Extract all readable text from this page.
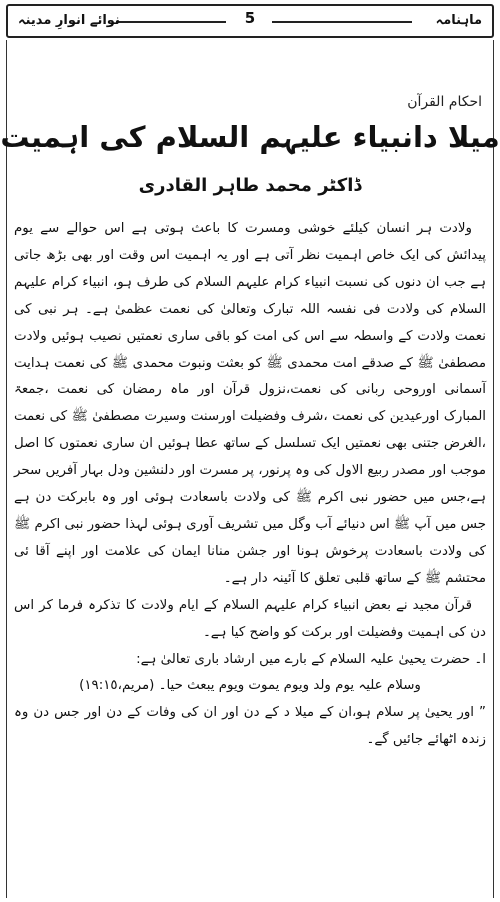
ماہنامہ
5
نوائے انوارِ مدینہ
احکام القرآن
میلا دانبیاء علیہم السلام کی اہمیت
ڈاکٹر محمد طاہر القادری

ولادت ہر انسان کیلئے خوشی ومسرت کا باعث ہوتی ہے اس حوالے سے یوم پیدائش کی ایک خاص اہمیت نظر آتی ہے اور یہ اہمیت اس وقت اور بھی بڑھ جاتی ہے جب ان دنوں کی نسبت انبیاء کرام علیہم السلام کی طرف ہو، انبیاء کرام علیہم السلام کی ولادت فی نفسہ اللہ تبارک وتعالیٰ کی نعمت عظمیٰ ہے۔ ہر نبی کی نعمت ولادت کے واسطہ سے اس کی امت کو باقی ساری نعمتیں نصیب ہوئیں ولادت مصطفیٰ ﷺ کے صدقے امت محمدی ﷺ کو بعثت ونبوت محمدی ﷺ کی نعمت ہدایت آسمانی اوروحی ربانی کی نعمت،نزول قرآن اور ماہ رمضان کی نعمت ،جمعۃ المبارک اورعیدین کی نعمت ،شرف وفضیلت اورسنت وسیرت مصطفیٰ ﷺ کی نعمت ،الغرض جتنی بھی نعمتیں ایک تسلسل کے ساتھ عطا ہوئیں ان ساری نعمتوں کا اصل موجب اور مصدر ربیع الاول کی وہ پرنور، پر مسرت اور دلنشین ودل بہار آفریں سحر ہے،جس میں حضور نبی اکرم ﷺ کی ولادت باسعادت ہوئی اور وہ بابرکت دن ہے جس میں آپ ﷺ اس دنیائے آب وگل میں تشریف آوری ہوئی لہذا حضور نبی اکرم ﷺ کی ولادت باسعادت پرخوش ہونا اور جشن منانا ایمان کی علامت اور اپنے آقا ئی محتشم ﷺ کے ساتھ قلبی تعلق کا آئینہ دار ہے۔

قرآن مجید نے بعض انبیاء کرام علیہم السلام کے ایام ولادت کا تذکرہ فرما کر اس دن کی اہمیت وفضیلت اور برکت کو واضح کیا ہے۔

ا۔ حضرت یحییٰ علیہ السلام کے بارے میں ارشاد باری تعالیٰ ہے:

وسلام علیہ یوم ولد ویوم یموت ویوم یبعث حیا۔ (مریم،١٩:١٥)

” اور یحییٰ پر سلام ہو،ان کے میلا د کے دن اور ان کی وفات کے دن اور جس دن وہ زندہ اٹھائے جائیں گے۔
